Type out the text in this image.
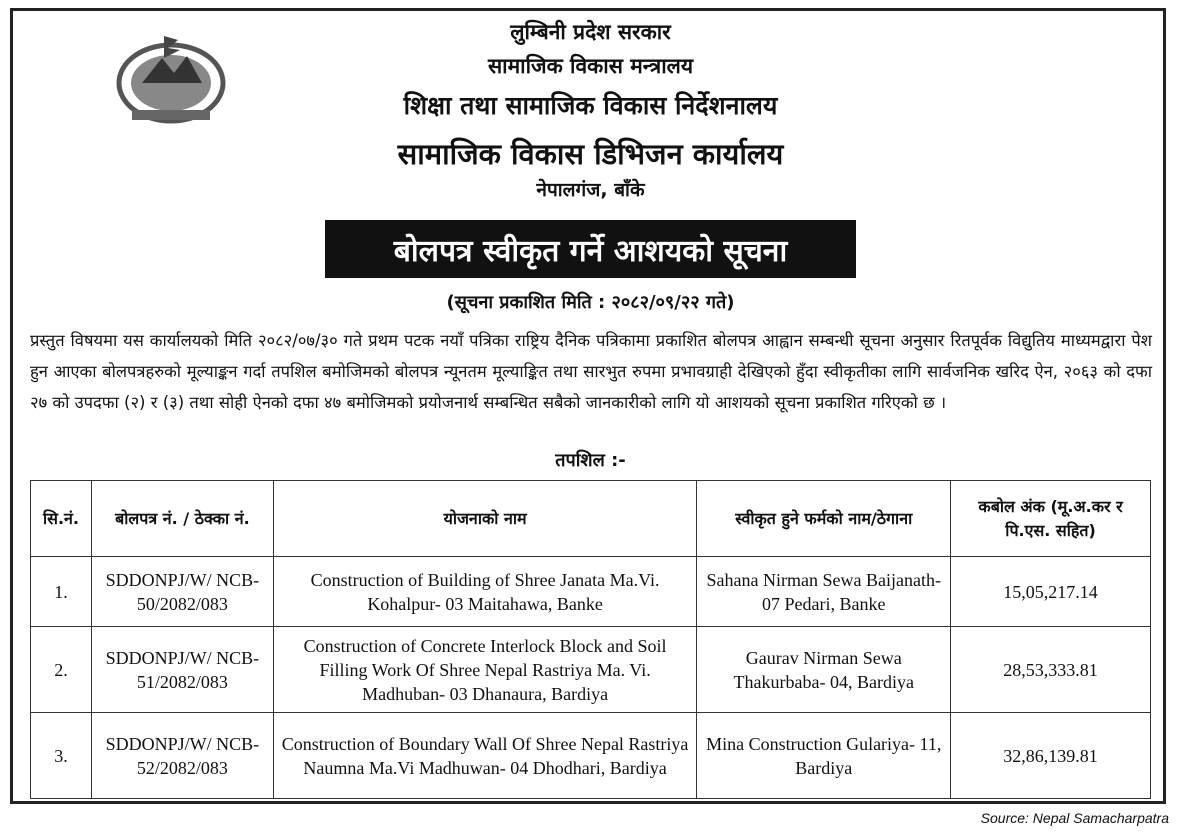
लुम्बिनी प्रदेश सरकार
सामाजिक विकास मन्त्रालय
शिक्षा तथा सामाजिक विकास निर्देशनालय
सामाजिक विकास डिभिजन कार्यालय
नेपालगंज, बाँके
बोलपत्र स्वीकृत गर्ने आशयको सूचना
(सूचना प्रकाशित मिति : २०८२/०९/२२ गते)
प्रस्तुत विषयमा यस कार्यालयको मिति २०८२/०७/३० गते प्रथम पटक नयाँ पत्रिका राष्ट्रिय दैनिक पत्रिकामा प्रकाशित बोलपत्र आह्वान सम्बन्धी सूचना अनुसार रितपूर्वक विद्युतिय माध्यमद्वारा पेश हुन आएका बोलपत्रहरुको मूल्याङ्कन गर्दा तपशिल बमोजिमको बोलपत्र न्यूनतम मूल्याङ्कित तथा सारभुत रुपमा प्रभावग्राही देखिएको हुँदा स्वीकृतीका लागि सार्वजनिक खरिद ऐन, २०६३ को दफा २७ को उपदफा (२) र (३) तथा सोही ऐनको दफा ४७ बमोजिमको प्रयोजनार्थ सम्बन्धित सबैको जानकारीको लागि यो आशयको सूचना प्रकाशित गरिएको छ ।
तपशिल :-
सि.नं.	बोलपत्र नं. / ठेक्का नं.	योजनाको नाम	स्वीकृत हुने फर्मको नाम/ठेगाना	कबोल अंक (मू.अ.कर र पि.एस. सहित)
1.	SDDONPJ/W/ NCB-50/2082/083	Construction of Building of Shree Janata Ma.Vi. Kohalpur- 03 Maitahawa, Banke	Sahana Nirman Sewa Baijanath- 07 Pedari, Banke	15,05,217.14
2.	SDDONPJ/W/ NCB-51/2082/083	Construction of Concrete Interlock Block and Soil Filling Work Of Shree Nepal Rastriya Ma. Vi. Madhuban- 03 Dhanaura, Bardiya	Gaurav Nirman Sewa Thakurbaba- 04, Bardiya	28,53,333.81
3.	SDDONPJ/W/ NCB-52/2082/083	Construction of Boundary Wall Of Shree Nepal Rastriya Naumna Ma.Vi Madhuwan- 04 Dhodhari, Bardiya	Mina Construction Gulariya- 11, Bardiya	32,86,139.81
Source: Nepal Samacharpatra
